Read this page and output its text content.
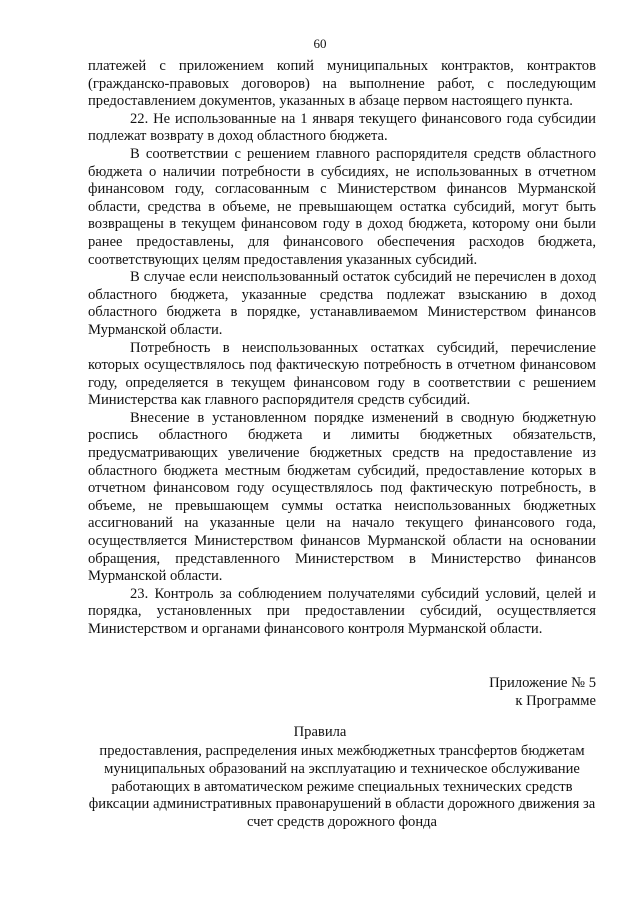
60

платежей с приложением копий муниципальных контрактов, контрактов (гражданско-правовых договоров) на выполнение работ, с последующим предоставлением документов, указанных в абзаце первом настоящего пункта.

22. Не использованные на 1 января текущего финансового года субсидии подлежат возврату в доход областного бюджета.

В соответствии с решением главного распорядителя средств областного бюджета о наличии потребности в субсидиях, не использованных в отчетном финансовом году, согласованным с Министерством финансов Мурманской области, средства в объеме, не превышающем остатка субсидий, могут быть возвращены в текущем финансовом году в доход бюджета, которому они были ранее предоставлены, для финансового обеспечения расходов бюджета, соответствующих целям предоставления указанных субсидий.

В случае если неиспользованный остаток субсидий не перечислен в доход областного бюджета, указанные средства подлежат взысканию в доход областного бюджета в порядке, устанавливаемом Министерством финансов Мурманской области.

Потребность в неиспользованных остатках субсидий, перечисление которых осуществлялось под фактическую потребность в отчетном финансовом году, определяется в текущем финансовом году в соответствии с решением Министерства как главного распорядителя средств субсидий.

Внесение в установленном порядке изменений в сводную бюджетную роспись областного бюджета и лимиты бюджетных обязательств, предусматривающих увеличение бюджетных средств на предоставление из областного бюджета местным бюджетам субсидий, предоставление которых в отчетном финансовом году осуществлялось под фактическую потребность, в объеме, не превышающем суммы остатка неиспользованных бюджетных ассигнований на указанные цели на начало текущего финансового года, осуществляется Министерством финансов Мурманской области на основании обращения, представленного Министерством в Министерство финансов Мурманской области.

23. Контроль за соблюдением получателями субсидий условий, целей и порядка, установленных при предоставлении субсидий, осуществляется Министерством и органами финансового контроля Мурманской области.

Приложение № 5
к Программе
Правила
предоставления, распределения иных межбюджетных трансфертов бюджетам муниципальных образований на эксплуатацию и техническое обслуживание работающих в автоматическом режиме специальных технических средств фиксации административных правонарушений в области дорожного движения за счет средств дорожного фонда
